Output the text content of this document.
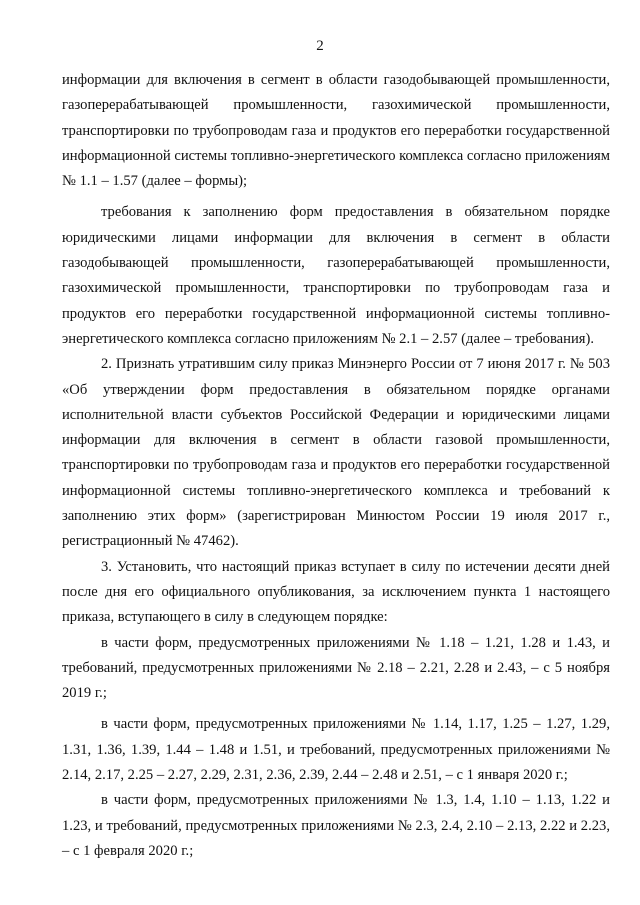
2

информации для включения в сегмент в области газодобывающей промышленности, газоперерабатывающей промышленности, газохимической промышленности, транспортировки по трубопроводам газа и продуктов его переработки государственной информационной системы топливно-энергетического комплекса согласно приложениям № 1.1 – 1.57 (далее – формы);

требования к заполнению форм предоставления в обязательном порядке юридическими лицами информации для включения в сегмент в области газодобывающей промышленности, газоперерабатывающей промышленности, газохимической промышленности, транспортировки по трубопроводам газа и продуктов его переработки государственной информационной системы топливно-энергетического комплекса согласно приложениям № 2.1 – 2.57 (далее – требования).

2. Признать утратившим силу приказ Минэнерго России от 7 июня 2017 г. № 503 «Об утверждении форм предоставления в обязательном порядке органами исполнительной власти субъектов Российской Федерации и юридическими лицами информации для включения в сегмент в области газовой промышленности, транспортировки по трубопроводам газа и продуктов его переработки государственной информационной системы топливно-энергетического комплекса и требований к заполнению этих форм» (зарегистрирован Минюстом России 19 июля 2017 г., регистрационный № 47462).

3. Установить, что настоящий приказ вступает в силу по истечении десяти дней после дня его официального опубликования, за исключением пункта 1 настоящего приказа, вступающего в силу в следующем порядке:

в части форм, предусмотренных приложениями № 1.18 – 1.21, 1.28 и 1.43, и требований, предусмотренных приложениями № 2.18 – 2.21, 2.28 и 2.43, – с 5 ноября 2019 г.;

в части форм, предусмотренных приложениями № 1.14, 1.17, 1.25 – 1.27, 1.29, 1.31, 1.36, 1.39, 1.44 – 1.48 и 1.51, и требований, предусмотренных приложениями № 2.14, 2.17, 2.25 – 2.27, 2.29, 2.31, 2.36, 2.39, 2.44 – 2.48 и 2.51, – с 1 января 2020 г.;

в части форм, предусмотренных приложениями № 1.3, 1.4, 1.10 – 1.13, 1.22 и 1.23, и требований, предусмотренных приложениями № 2.3, 2.4, 2.10 – 2.13, 2.22 и 2.23, – с 1 февраля 2020 г.;
